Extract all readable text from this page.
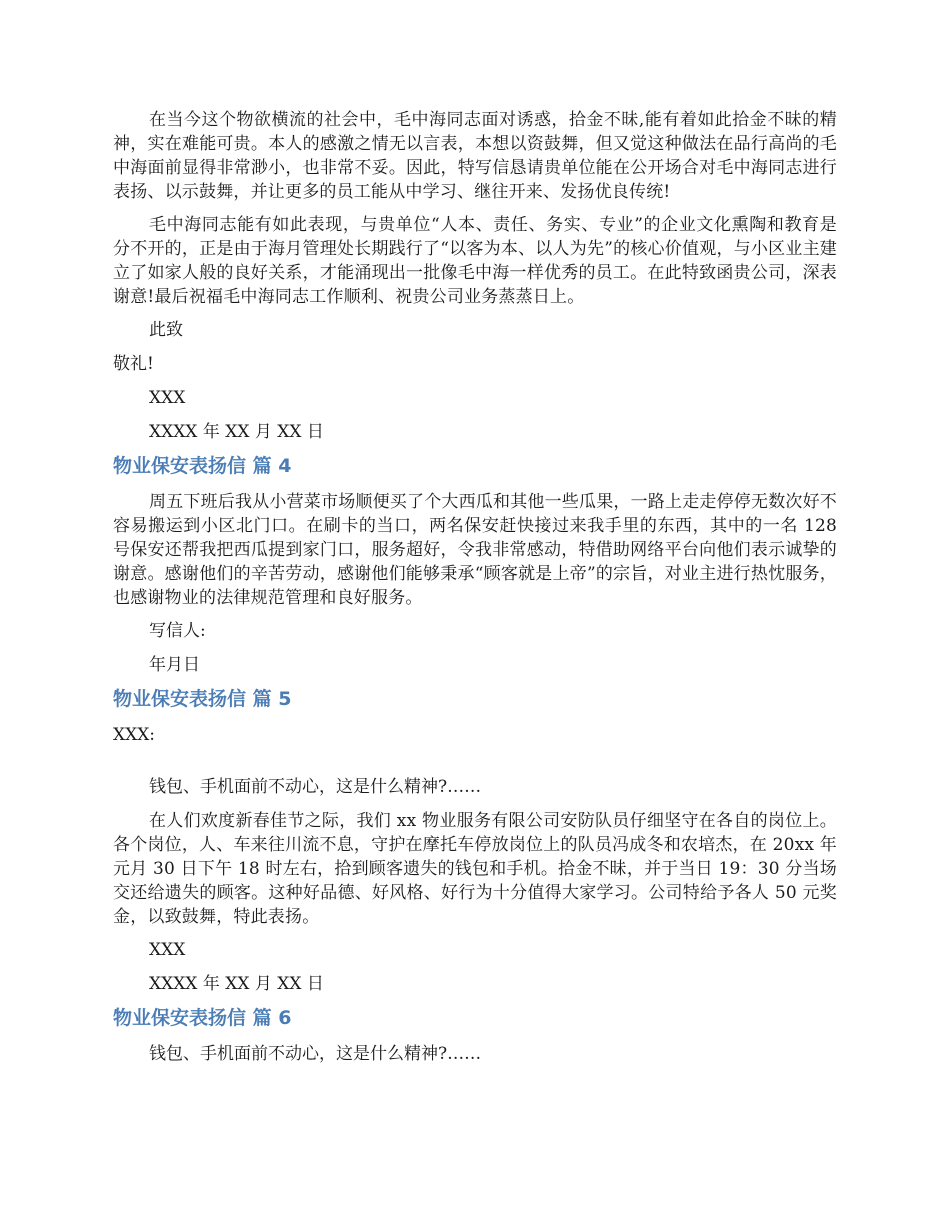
在当今这个物欲横流的社会中，毛中海同志面对诱惑，拾金不昧,能有着如此拾金不昧的精神，实在难能可贵。本人的感激之情无以言表，本想以资鼓舞，但又觉这种做法在品行高尚的毛中海面前显得非常渺小，也非常不妥。因此，特写信恳请贵单位能在公开场合对毛中海同志进行表扬、以示鼓舞，并让更多的员工能从中学习、继往开来、发扬优良传统!

毛中海同志能有如此表现，与贵单位“人本、责任、务实、专业”的企业文化熏陶和教育是分不开的，正是由于海月管理处长期践行了“以客为本、以人为先”的核心价值观，与小区业主建立了如家人般的良好关系，才能涌现出一批像毛中海一样优秀的员工。在此特致函贵公司，深表谢意!最后祝福毛中海同志工作顺利、祝贵公司业务蒸蒸日上。

此致

敬礼!

XXX

XXXX 年 XX 月 XX 日

物业保安表扬信 篇 4

周五下班后我从小营菜市场顺便买了个大西瓜和其他一些瓜果，一路上走走停停无数次好不容易搬运到小区北门口。在刷卡的当口，两名保安赶快接过来我手里的东西，其中的一名 128 号保安还帮我把西瓜提到家门口，服务超好，令我非常感动，特借助网络平台向他们表示诚挚的谢意。感谢他们的辛苦劳动，感谢他们能够秉承“顾客就是上帝”的宗旨，对业主进行热忱服务，也感谢物业的法律规范管理和良好服务。

写信人:

年月日

物业保安表扬信 篇 5

XXX:

钱包、手机面前不动心，这是什么精神?……

在人们欢度新春佳节之际，我们 xx 物业服务有限公司安防队员仔细坚守在各自的岗位上。各个岗位，人、车来往川流不息，守护在摩托车停放岗位上的队员冯成冬和农培杰，在 20xx 年元月 30 日下午 18 时左右，拾到顾客遗失的钱包和手机。拾金不昧，并于当日 19：30 分当场交还给遗失的顾客。这种好品德、好风格、好行为十分值得大家学习。公司特给予各人 50 元奖金，以致鼓舞，特此表扬。

XXX

XXXX 年 XX 月 XX 日

物业保安表扬信 篇 6

钱包、手机面前不动心，这是什么精神?……
